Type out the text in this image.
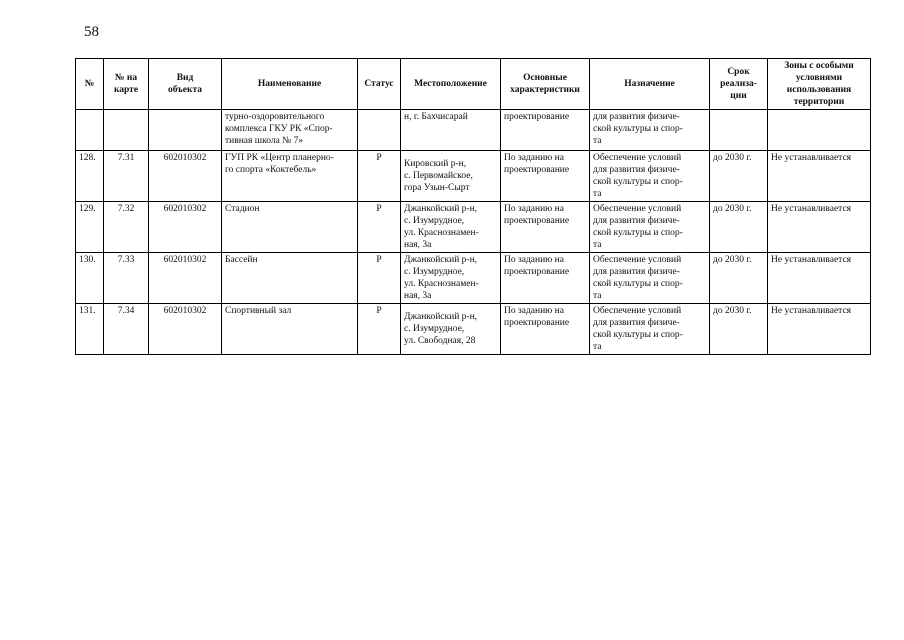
58
№	№ на
карте	Вид
объекта	Наименование	Статус	Местоположение	Основные
характеристики	Назначение	Срок
реализа-
ции	Зоны с особыми
условиями
использования
территории
			турно-оздоровительного
комплекса ГКУ РК «Спор-
тивная школа № 7»		н, г. Бахчисарай	проектирование	для развития физиче-
ской культуры и спор-
та		
128.	7.31	602010302	ГУП РК «Центр планерно-
го спорта «Коктебель»	Р	Кировский р-н,
с. Первомайское,
гора Узын-Сырт	По заданию на
проектирование	Обеспечение условий
для развития физиче-
ской культуры и спор-
та	до 2030 г.	Не устанавливается
129.	7.32	602010302	Стадион	Р	Джанкойский р-н,
с. Изумрудное,
ул. Краснознамен-
ная, 3а	По заданию на
проектирование	Обеспечение условий
для развития физиче-
ской культуры и спор-
та	до 2030 г.	Не устанавливается
130.	7.33	602010302	Бассейн	Р	Джанкойский р-н,
с. Изумрудное,
ул. Краснознамен-
ная, 3а	По заданию на
проектирование	Обеспечение условий
для развития физиче-
ской культуры и спор-
та	до 2030 г.	Не устанавливается
131.	7.34	602010302	Спортивный зал	Р	Джанкойский р-н,
с. Изумрудное,
ул. Свободная, 28	По заданию на
проектирование	Обеспечение условий
для развития физиче-
ской культуры и спор-
та	до 2030 г.	Не устанавливается
